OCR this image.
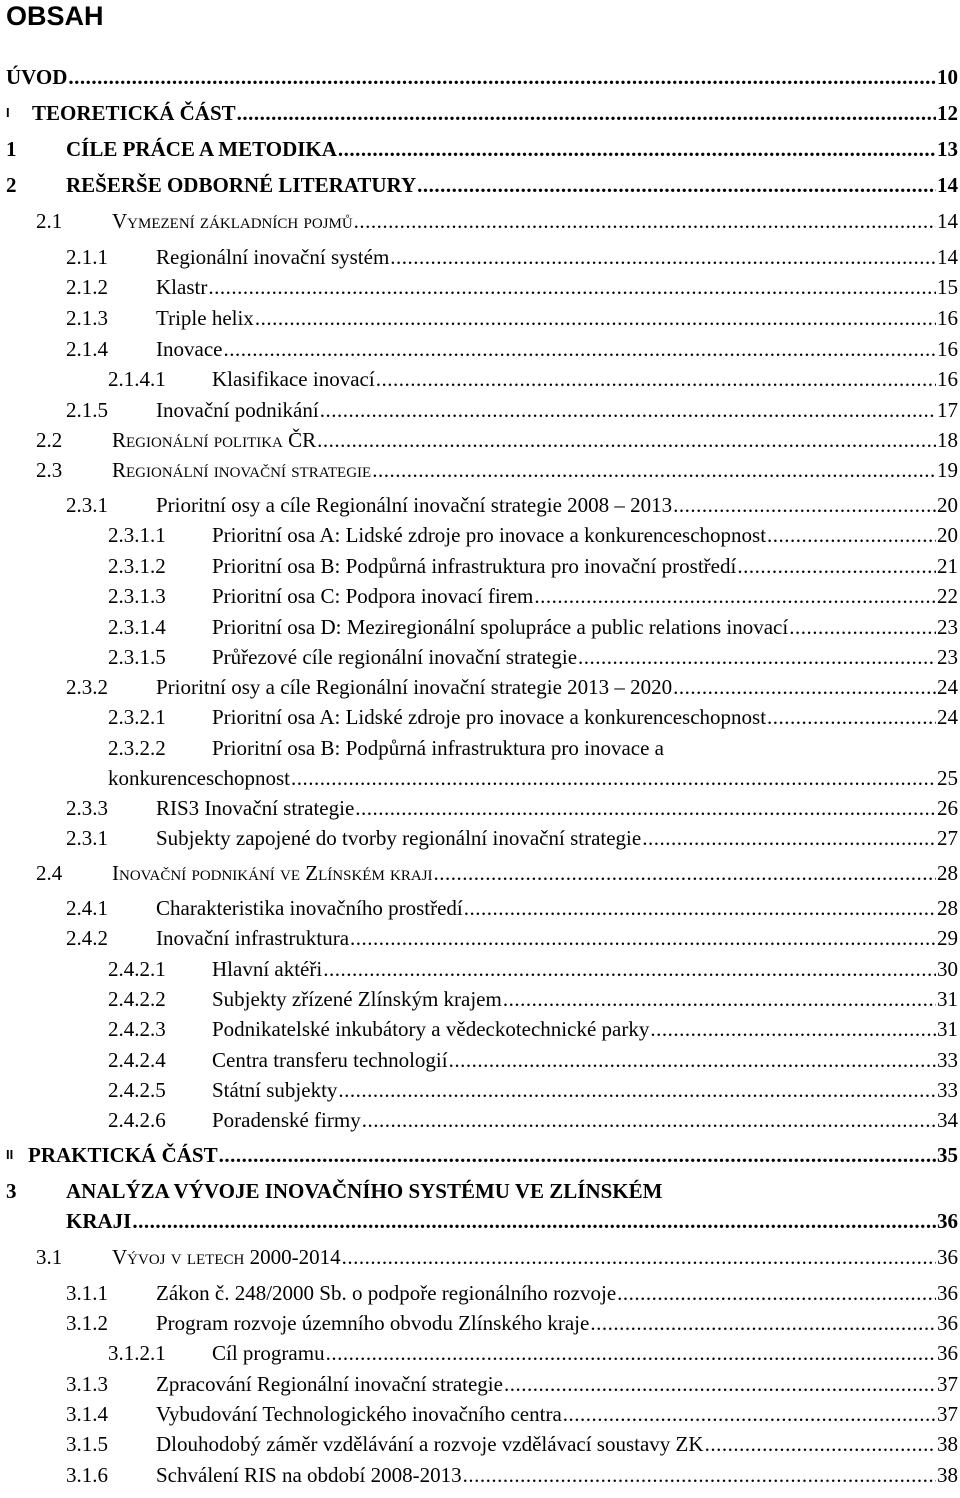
OBSAH
ÚVOD .....	10
I	TEORETICKÁ ČÁST .....	12
1	CÍLE PRÁCE A METODIKA .....	13
2	REŠERŠE ODBORNÉ LITERATURY .....	14
2.1	Vymezení základních pojmů .....	14
2.1.1	Regionální inovační systém .....	14
2.1.2	Klastr .....	15
2.1.3	Triple helix .....	16
2.1.4	Inovace .....	16
2.1.4.1	Klasifikace inovací .....	16
2.1.5	Inovační podnikání .....	17
2.2	Regionální politika ČR .....	18
2.3	Regionální inovační strategie .....	19
2.3.1	Prioritní osy a cíle Regionální inovační strategie 2008 – 2013 .....	20
2.3.1.1	Prioritní osa A: Lidské zdroje pro inovace a konkurenceschopnost .....	20
2.3.1.2	Prioritní osa B: Podpůrná infrastruktura pro inovační prostředí .....	21
2.3.1.3	Prioritní osa C: Podpora inovací firem .....	22
2.3.1.4	Prioritní osa D: Meziregionální spolupráce a public relations inovací .....	23
2.3.1.5	Průřezové cíle regionální inovační strategie .....	23
2.3.2	Prioritní osy a cíle Regionální inovační strategie 2013 – 2020 .....	24
2.3.2.1	Prioritní osa A: Lidské zdroje pro inovace a konkurenceschopnost .....	24
2.3.2.2	Prioritní osa B: Podpůrná infrastruktura pro inovace a
konkurenceschopnost .....	25
2.3.3	RIS3 Inovační strategie .....	26
2.3.1	Subjekty zapojené do tvorby regionální inovační strategie .....	27
2.4	Inovační podnikání ve Zlínském kraji .....	28
2.4.1	Charakteristika inovačního prostředí .....	28
2.4.2	Inovační infrastruktura .....	29
2.4.2.1	Hlavní aktéři .....	30
2.4.2.2	Subjekty zřízené Zlínským krajem .....	31
2.4.2.3	Podnikatelské inkubátory a vědeckotechnické parky .....	31
2.4.2.4	Centra transferu technologií .....	33
2.4.2.5	Státní subjekty .....	33
2.4.2.6	Poradenské firmy .....	34
II PRAKTICKÁ ČÁST .....	35
3	ANALÝZA VÝVOJE INOVAČNÍHO SYSTÉMU VE ZLÍNSKÉM
KRAJI .....	36
3.1	Vývoj v letech 2000-2014 .....	36
3.1.1	Zákon č. 248/2000 Sb. o podpoře regionálního rozvoje .....	36
3.1.2	Program rozvoje územního obvodu Zlínského kraje .....	36
3.1.2.1	Cíl programu .....	36
3.1.3	Zpracování Regionální inovační strategie .....	37
3.1.4	Vybudování Technologického inovačního centra .....	37
3.1.5	Dlouhodobý záměr vzdělávání a rozvoje vzdělávací soustavy ZK .....	38
3.1.6	Schválení RIS na období 2008-2013 .....	38
